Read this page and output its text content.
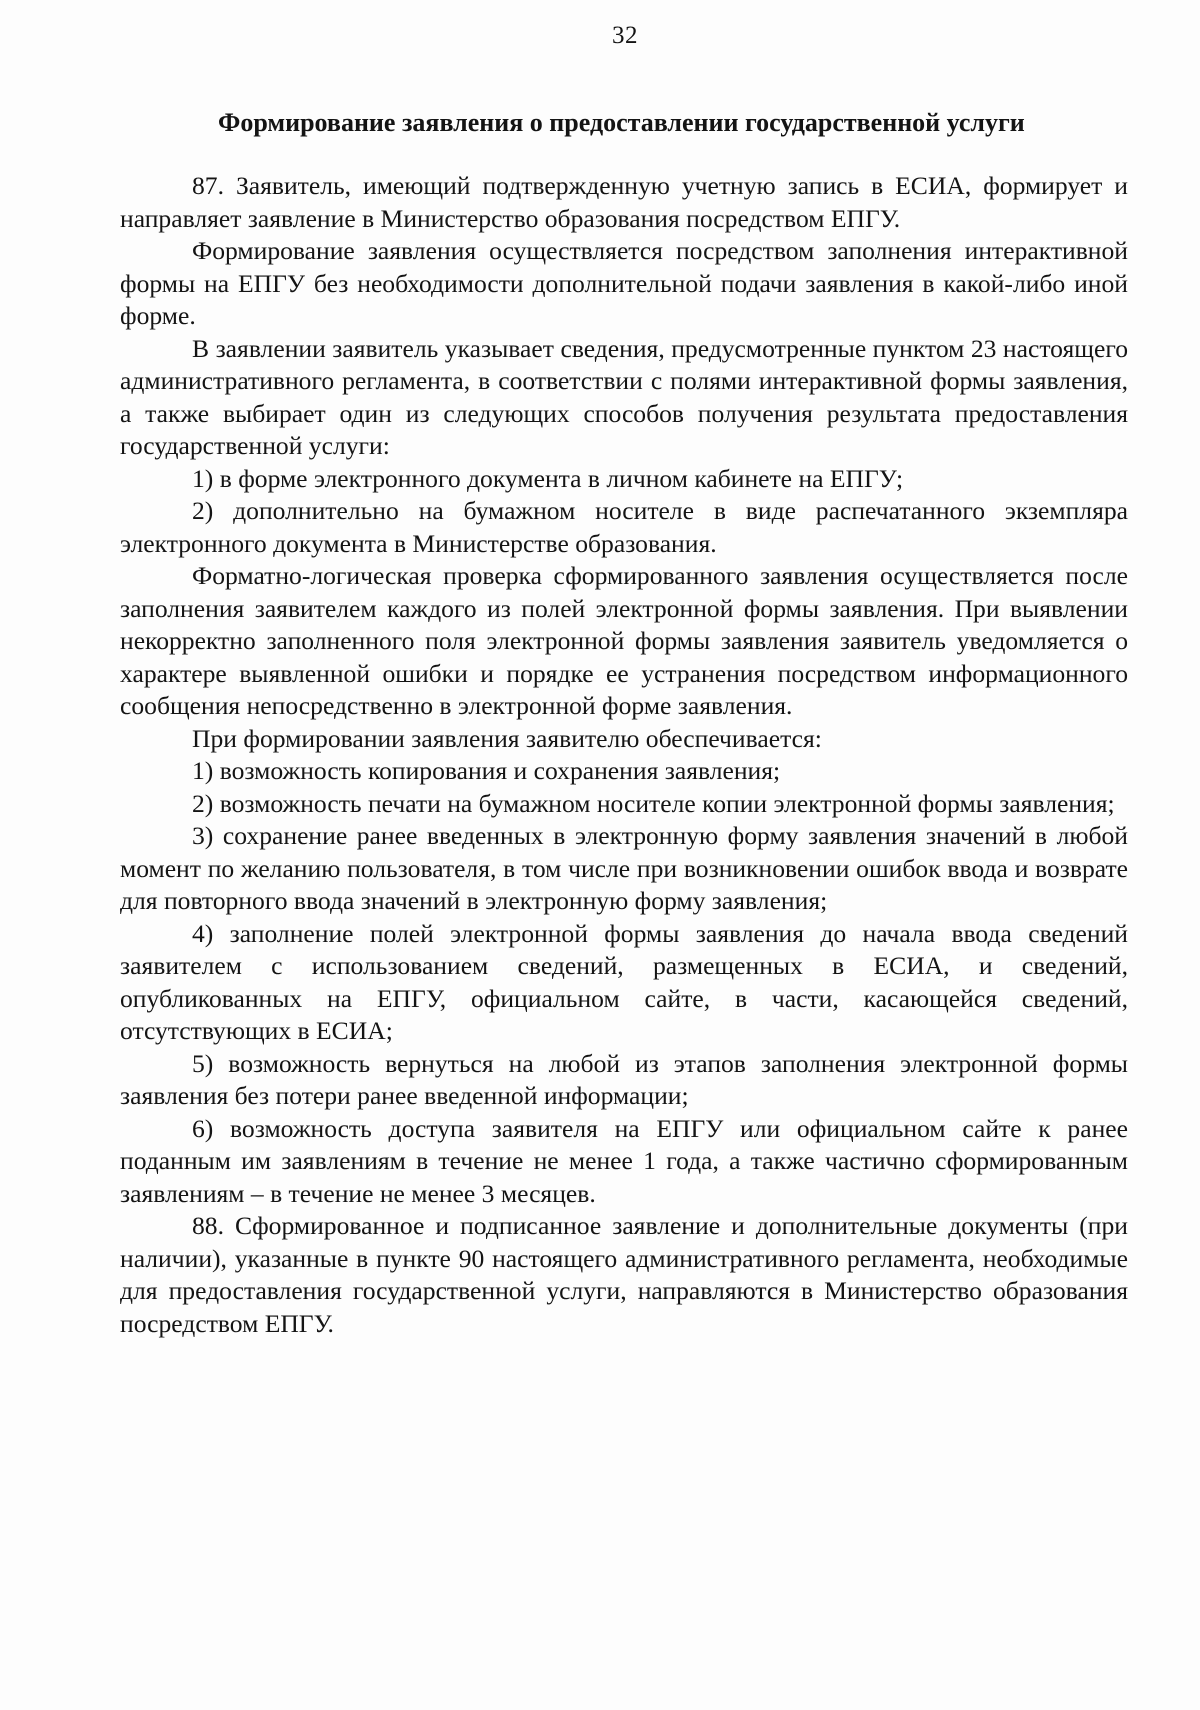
32
Формирование заявления о предоставлении государственной услуги

87. Заявитель, имеющий подтвержденную учетную запись в ЕСИА, формирует и направляет заявление в Министерство образования посредством ЕПГУ.

Формирование заявления осуществляется посредством заполнения интерактивной формы на ЕПГУ без необходимости дополнительной подачи заявления в какой-либо иной форме.

В заявлении заявитель указывает сведения, предусмотренные пунктом 23 настоящего административного регламента, в соответствии с полями интерактивной формы заявления, а также выбирает один из следующих способов получения результата предоставления государственной услуги:

1) в форме электронного документа в личном кабинете на ЕПГУ;

2) дополнительно на бумажном носителе в виде распечатанного экземпляра электронного документа в Министерстве образования.

Форматно-логическая проверка сформированного заявления осуществляется после заполнения заявителем каждого из полей электронной формы заявления. При выявлении некорректно заполненного поля электронной формы заявления заявитель уведомляется о характере выявленной ошибки и порядке ее устранения посредством информационного сообщения непосредственно в электронной форме заявления.

При формировании заявления заявителю обеспечивается:

1) возможность копирования и сохранения заявления;

2) возможность печати на бумажном носителе копии электронной формы заявления;

3) сохранение ранее введенных в электронную форму заявления значений в любой момент по желанию пользователя, в том числе при возникновении ошибок ввода и возврате для повторного ввода значений в электронную форму заявления;

4) заполнение полей электронной формы заявления до начала ввода сведений заявителем с использованием сведений, размещенных в ЕСИА, и сведений, опубликованных на ЕПГУ, официальном сайте, в части, касающейся сведений, отсутствующих в ЕСИА;

5) возможность вернуться на любой из этапов заполнения электронной формы заявления без потери ранее введенной информации;

6) возможность доступа заявителя на ЕПГУ или официальном сайте к ранее поданным им заявлениям в течение не менее 1 года, а также частично сформированным заявлениям – в течение не менее 3 месяцев.

88. Сформированное и подписанное заявление и дополнительные документы (при наличии), указанные в пункте 90 настоящего административного регламента, необходимые для предоставления государственной услуги, направляются в Министерство образования посредством ЕПГУ.
